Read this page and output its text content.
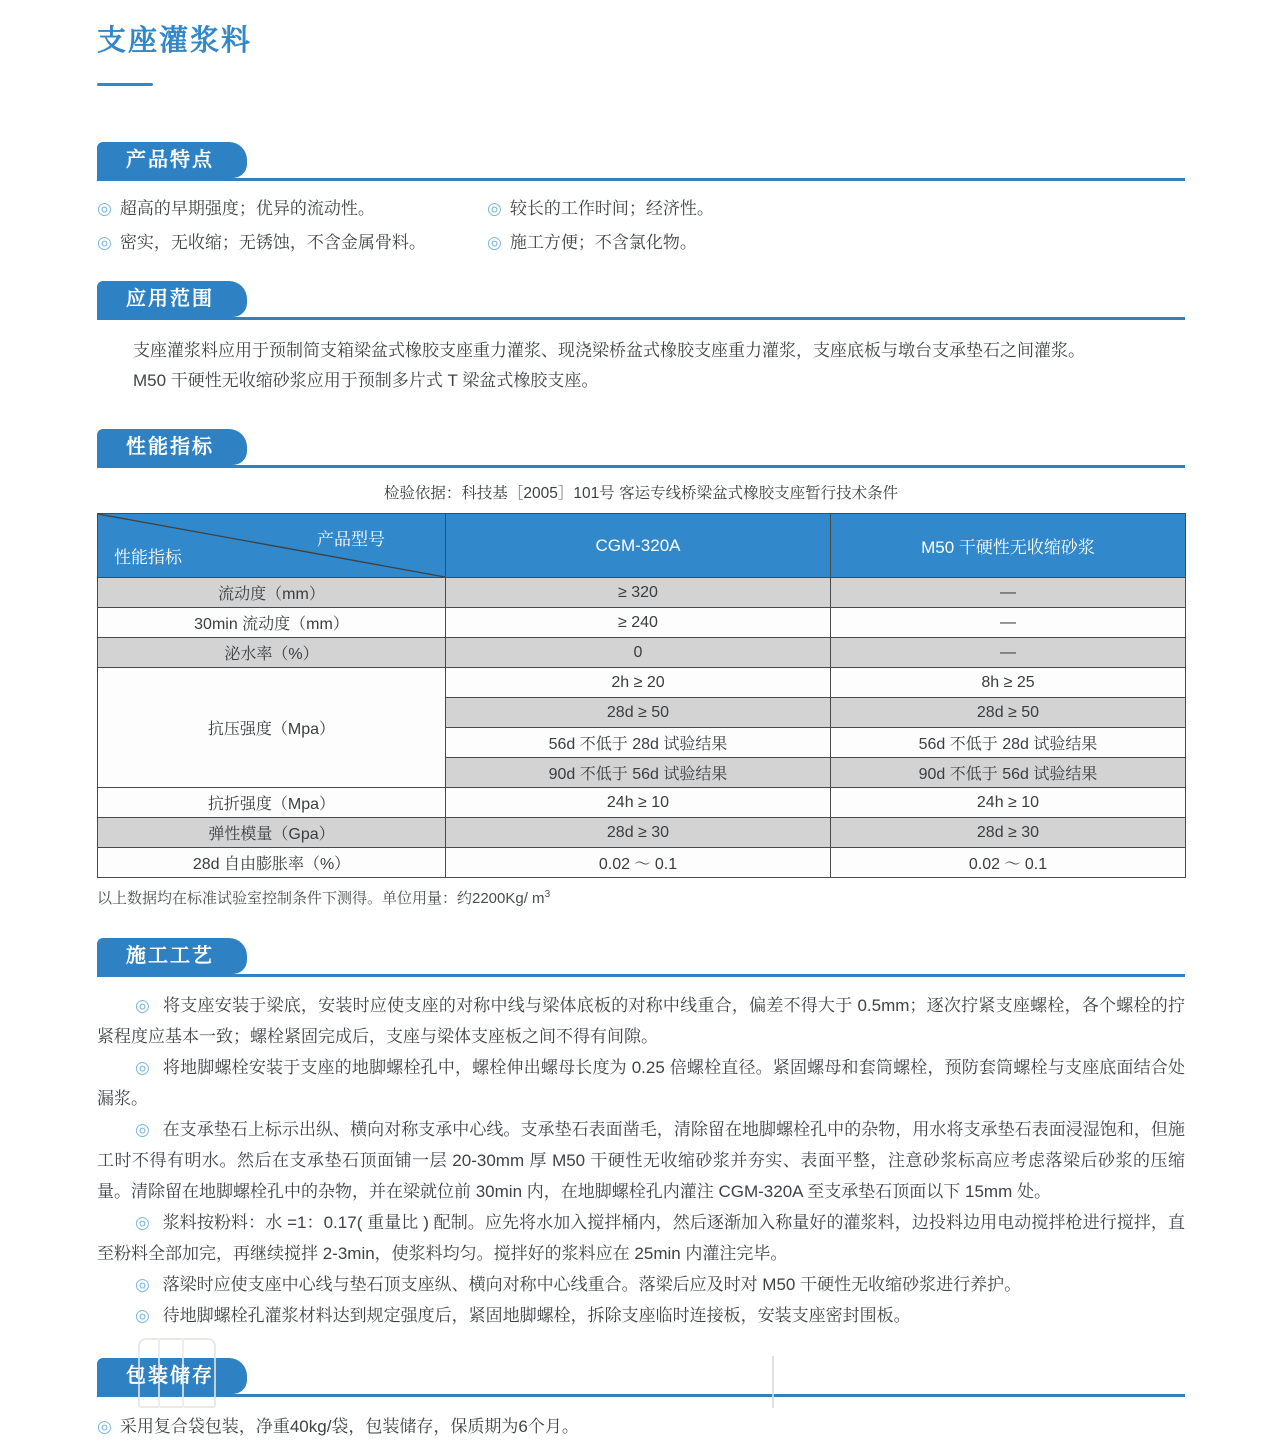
支座灌浆料
产品特点
◎ 超高的早期强度；优异的流动性。	◎ 较长的工作时间；经济性。
◎ 密实，无收缩；无锈蚀，不含金属骨料。	◎ 施工方便；不含氯化物。
应用范围

支座灌浆料应用于预制简支箱梁盆式橡胶支座重力灌浆、现浇梁桥盆式橡胶支座重力灌浆，支座底板与墩台支承垫石之间灌浆。

M50 干硬性无收缩砂浆应用于预制多片式 T 梁盆式橡胶支座。

性能指标
检验依据：科技基［2005］101号 客运专线桥梁盆式橡胶支座暂行技术条件
产品型号
性能指标	CGM-320A	M50 干硬性无收缩砂浆
流动度（mm）	≥ 320	—
30min 流动度（mm）	≥ 240	—
泌水率（%）	0	—
抗压强度（Mpa）	2h ≥ 20	8h ≥ 25
	28d ≥ 50	28d ≥ 50
	56d 不低于 28d 试验结果	56d 不低于 28d 试验结果
	90d 不低于 56d 试验结果	90d 不低于 56d 试验结果
抗折强度（Mpa）	24h ≥ 10	24h ≥ 10
弹性模量（Gpa）	28d ≥ 30	28d ≥ 30
28d 自由膨胀率（%）	0.02 ～ 0.1	0.02 ～ 0.1
以上数据均在标准试验室控制条件下测得。单位用量：约2200Kg/ $m^3$
施工工艺

◎ 将支座安装于梁底，安装时应使支座的对称中线与梁体底板的对称中线重合，偏差不得大于 0.5mm；逐次拧紧支座螺栓，各个螺栓的拧紧程度应基本一致；螺栓紧固完成后，支座与梁体支座板之间不得有间隙。

◎ 将地脚螺栓安装于支座的地脚螺栓孔中，螺栓伸出螺母长度为 0.25 倍螺栓直径。紧固螺母和套筒螺栓，预防套筒螺栓与支座底面结合处漏浆。

◎ 在支承垫石上标示出纵、横向对称支承中心线。支承垫石表面凿毛，清除留在地脚螺栓孔中的杂物，用水将支承垫石表面浸湿饱和，但施工时不得有明水。然后在支承垫石顶面铺一层 20-30mm 厚 M50 干硬性无收缩砂浆并夯实、表面平整，注意砂浆标高应考虑落梁后砂浆的压缩量。清除留在地脚螺栓孔中的杂物，并在梁就位前 30min 内，在地脚螺栓孔内灌注 CGM-320A 至支承垫石顶面以下 15mm 处。

◎ 浆料按粉料：水 =1：0.17( 重量比 ) 配制。应先将水加入搅拌桶内，然后逐渐加入称量好的灌浆料，边投料边用电动搅拌枪进行搅拌，直至粉料全部加完，再继续搅拌 2-3min，使浆料均匀。搅拌好的浆料应在 25min 内灌注完毕。

◎ 落梁时应使支座中心线与垫石顶支座纵、横向对称中心线重合。落梁后应及时对 M50 干硬性无收缩砂浆进行养护。

◎ 待地脚螺栓孔灌浆材料达到规定强度后，紧固地脚螺栓，拆除支座临时连接板，安装支座密封围板。

包装储存
◎ 采用复合袋包装，净重40kg/袋，包装储存，保质期为6个月。
